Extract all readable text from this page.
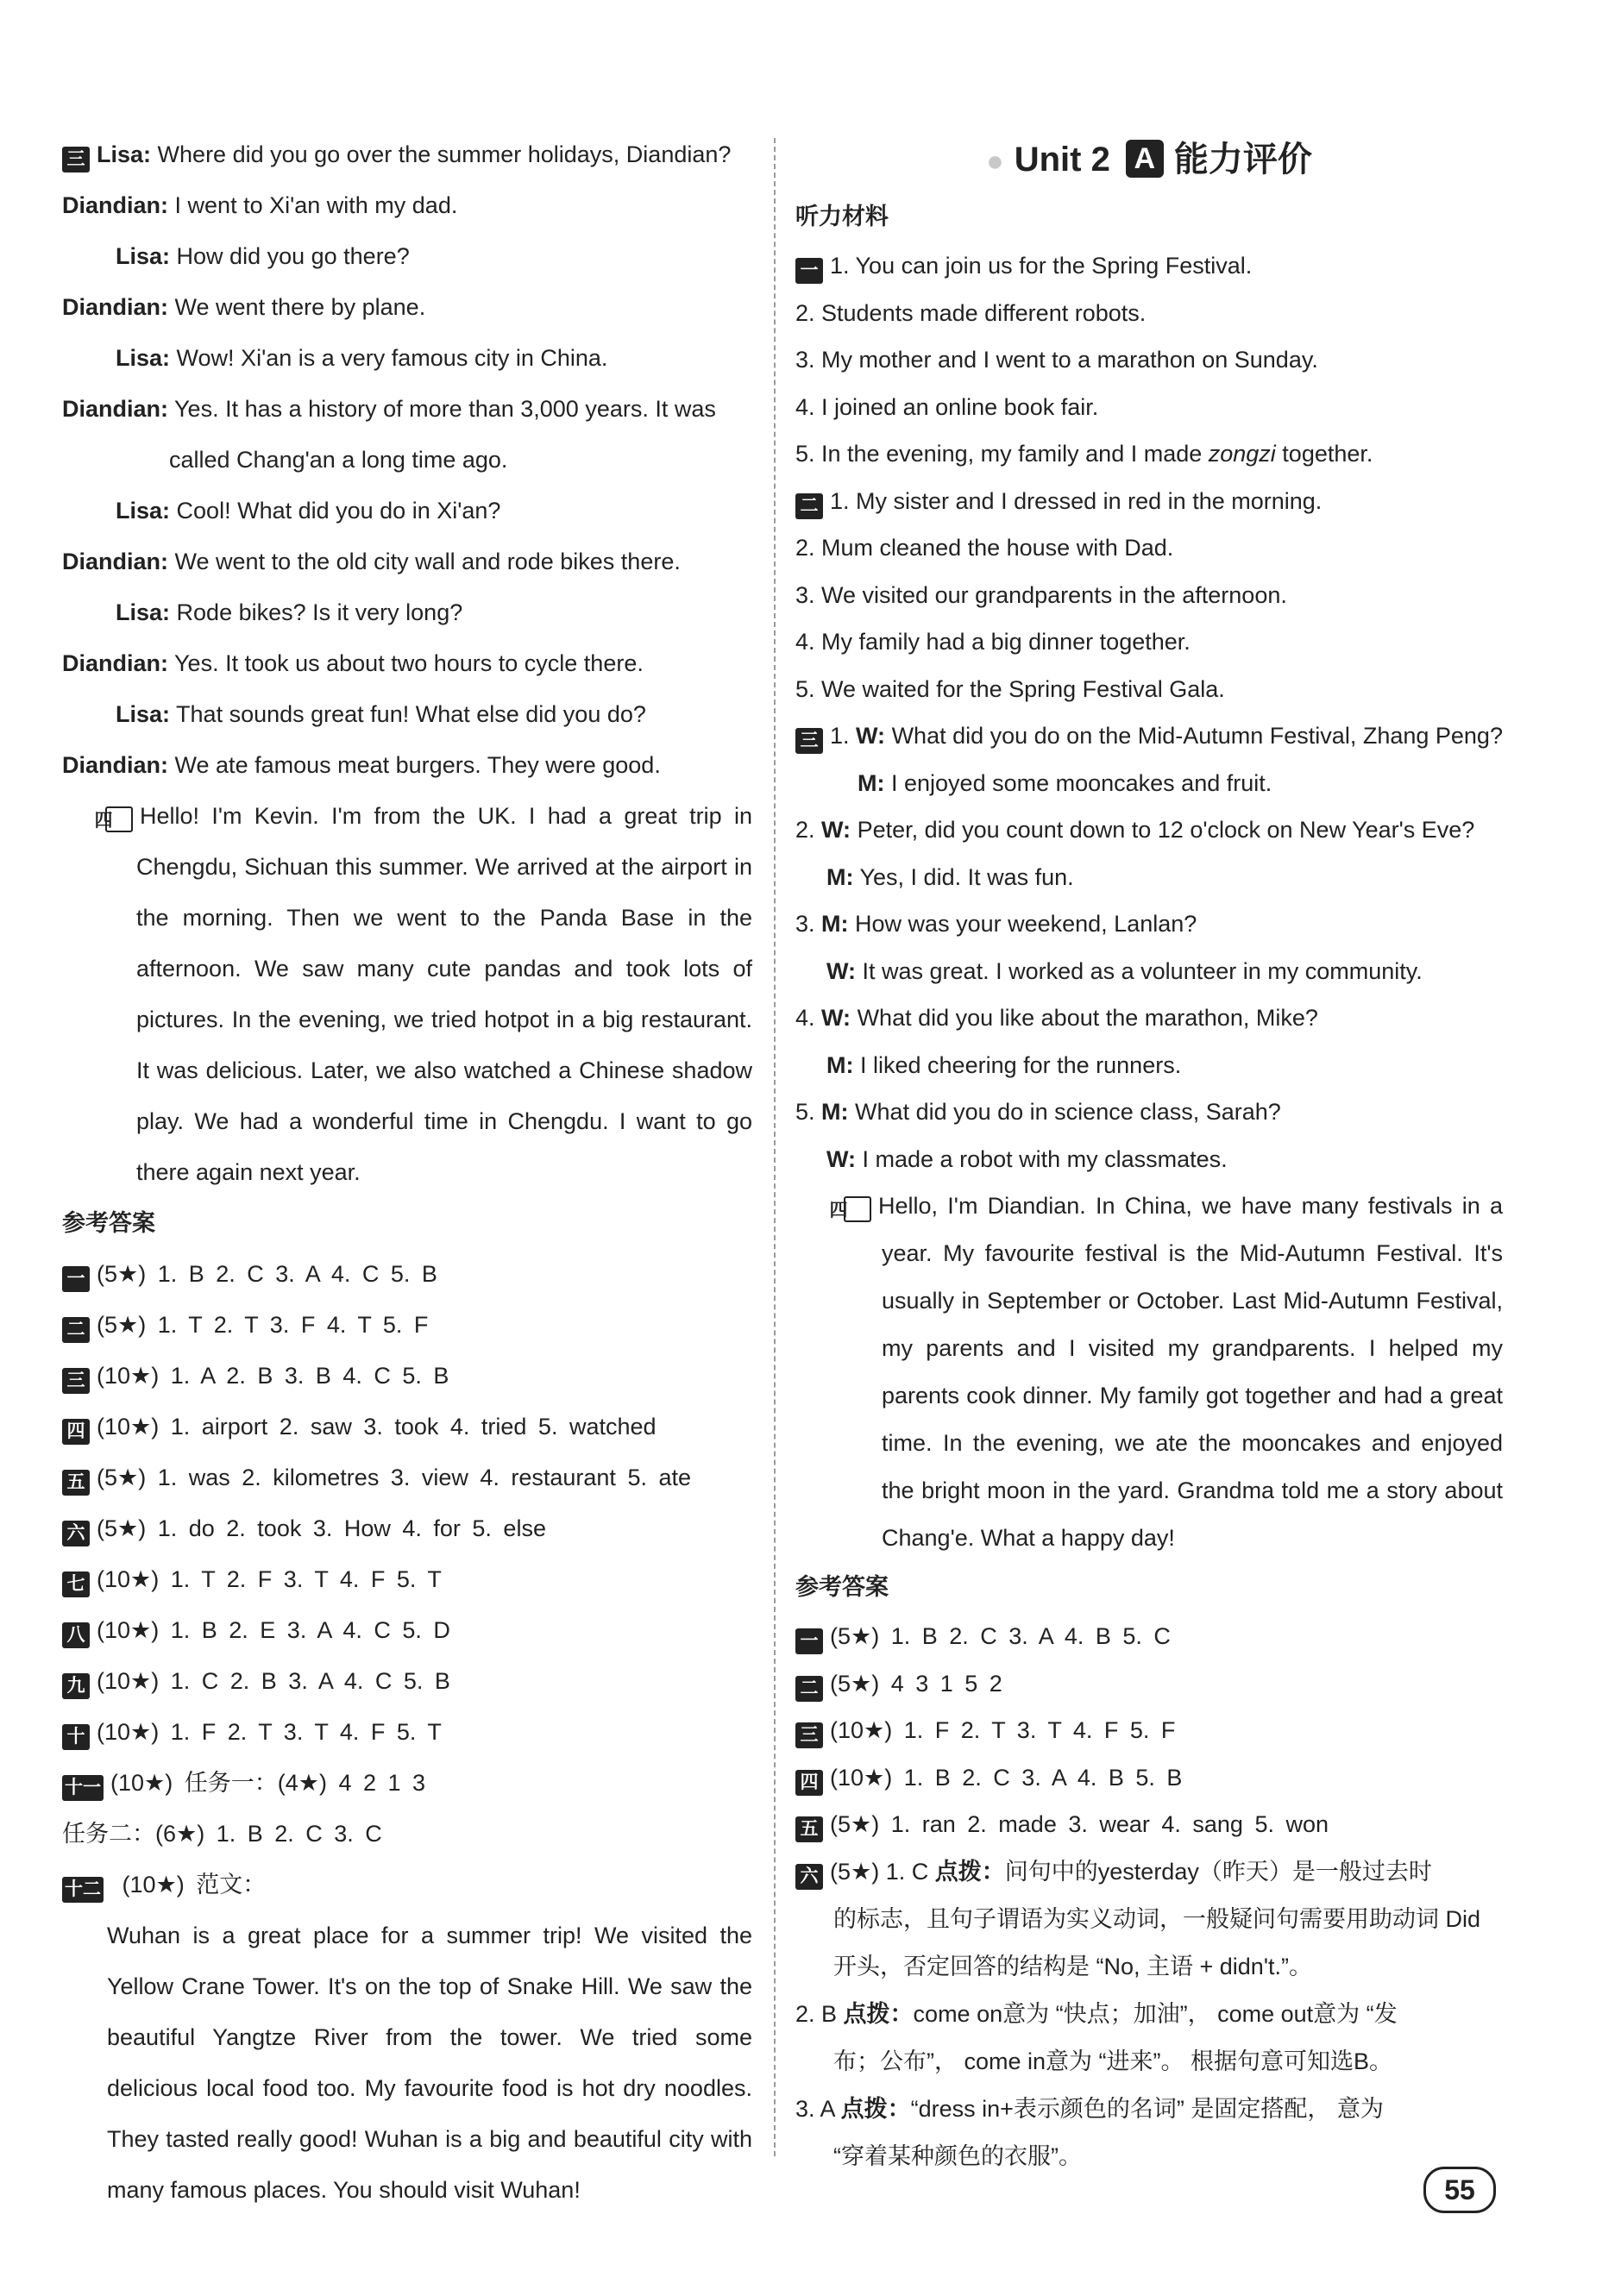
三 Lisa: Where did you go over the summer holidays, Diandian?
Diandian: I went to Xi'an with my dad.
Lisa: How did you go there?
Diandian: We went there by plane.
Lisa: Wow! Xi'an is a very famous city in China.
Diandian: Yes. It has a history of more than 3,000 years. It was
called Chang'an a long time ago.
Lisa: Cool! What did you do in Xi'an?
Diandian: We went to the old city wall and rode bikes there.
Lisa: Rode bikes? Is it very long?
Diandian: Yes. It took us about two hours to cycle there.
Lisa: That sounds great fun! What else did you do?
Diandian: We ate famous meat burgers. They were good.
四 Hello! I'm Kevin. I'm from the UK. I had a great trip in Chengdu, Sichuan this summer. We arrived at the airport in the morning. Then we went to the Panda Base in the afternoon. We saw many cute pandas and took lots of pictures. In the evening, we tried hotpot in a big restaurant. It was delicious. Later, we also watched a Chinese shadow play. We had a wonderful time in Chengdu. I want to go there again next year.
参考答案
一 (5★) 1. B 2. C 3. A 4. C 5. B
二 (5★) 1. T 2. T 3. F 4. T 5. F
三 (10★) 1. A 2. B 3. B 4. C 5. B
四 (10★) 1. airport 2. saw 3. took 4. tried 5. watched
五 (5★) 1. was 2. kilometres 3. view 4. restaurant 5. ate
六 (5★) 1. do 2. took 3. How 4. for 5. else
七 (10★) 1. T 2. F 3. T 4. F 5. T
八 (10★) 1. B 2. E 3. A 4. C 5. D
九 (10★) 1. C 2. B 3. A 4. C 5. B
十 (10★) 1. F 2. T 3. T 4. F 5. T
十一 (10★) 任务一：(4★) 4 2 1 3
任务二：(6★) 1. B 2. C 3. C
十二 (10★) 范文：
Wuhan is a great place for a summer trip! We visited the Yellow Crane Tower. It's on the top of Snake Hill. We saw the beautiful Yangtze River from the tower. We tried some delicious local food too. My favourite food is hot dry noodles. They tasted really good! Wuhan is a big and beautiful city with many famous places. You should visit Wuhan!
● Unit 2 A 能力评价
听力材料
一 1. You can join us for the Spring Festival.
2. Students made different robots.
3. My mother and I went to a marathon on Sunday.
4. I joined an online book fair.
5. In the evening, my family and I made zongzi together.
二 1. My sister and I dressed in red in the morning.
2. Mum cleaned the house with Dad.
3. We visited our grandparents in the afternoon.
4. My family had a big dinner together.
5. We waited for the Spring Festival Gala.
三 1. W: What did you do on the Mid-Autumn Festival, Zhang Peng?
M: I enjoyed some mooncakes and fruit.
2. W: Peter, did you count down to 12 o'clock on New Year's Eve?
M: Yes, I did. It was fun.
3. M: How was your weekend, Lanlan?
W: It was great. I worked as a volunteer in my community.
4. W: What did you like about the marathon, Mike?
M: I liked cheering for the runners.
5. M: What did you do in science class, Sarah?
W: I made a robot with my classmates.
四 Hello, I'm Diandian. In China, we have many festivals in a year. My favourite festival is the Mid-Autumn Festival. It's usually in September or October. Last Mid-Autumn Festival, my parents and I visited my grandparents. I helped my parents cook dinner. My family got together and had a great time. In the evening, we ate the mooncakes and enjoyed the bright moon in the yard. Grandma told me a story about Chang'e. What a happy day!
参考答案
一 (5★) 1. B 2. C 3. A 4. B 5. C
二 (5★) 4 3 1 5 2
三 (10★) 1. F 2. T 3. T 4. F 5. F
四 (10★) 1. B 2. C 3. A 4. B 5. B
五 (5★) 1. ran 2. made 3. wear 4. sang 5. won
六 (5★) 1. C 点拨：问句中的yesterday（昨天）是一般过去时
的标志，且句子谓语为实义动词，一般疑问句需要用助动词 Did开头，否定回答的结构是 “No, 主语 + didn't.”。
2. B 点拨：come on意为 “快点；加油”， come out意为 “发
布；公布”， come in意为 “进来”。 根据句意可知选B。
3. A 点拨：“dress in+表示颜色的名词” 是固定搭配， 意为
“穿着某种颜色的衣服”。
55
